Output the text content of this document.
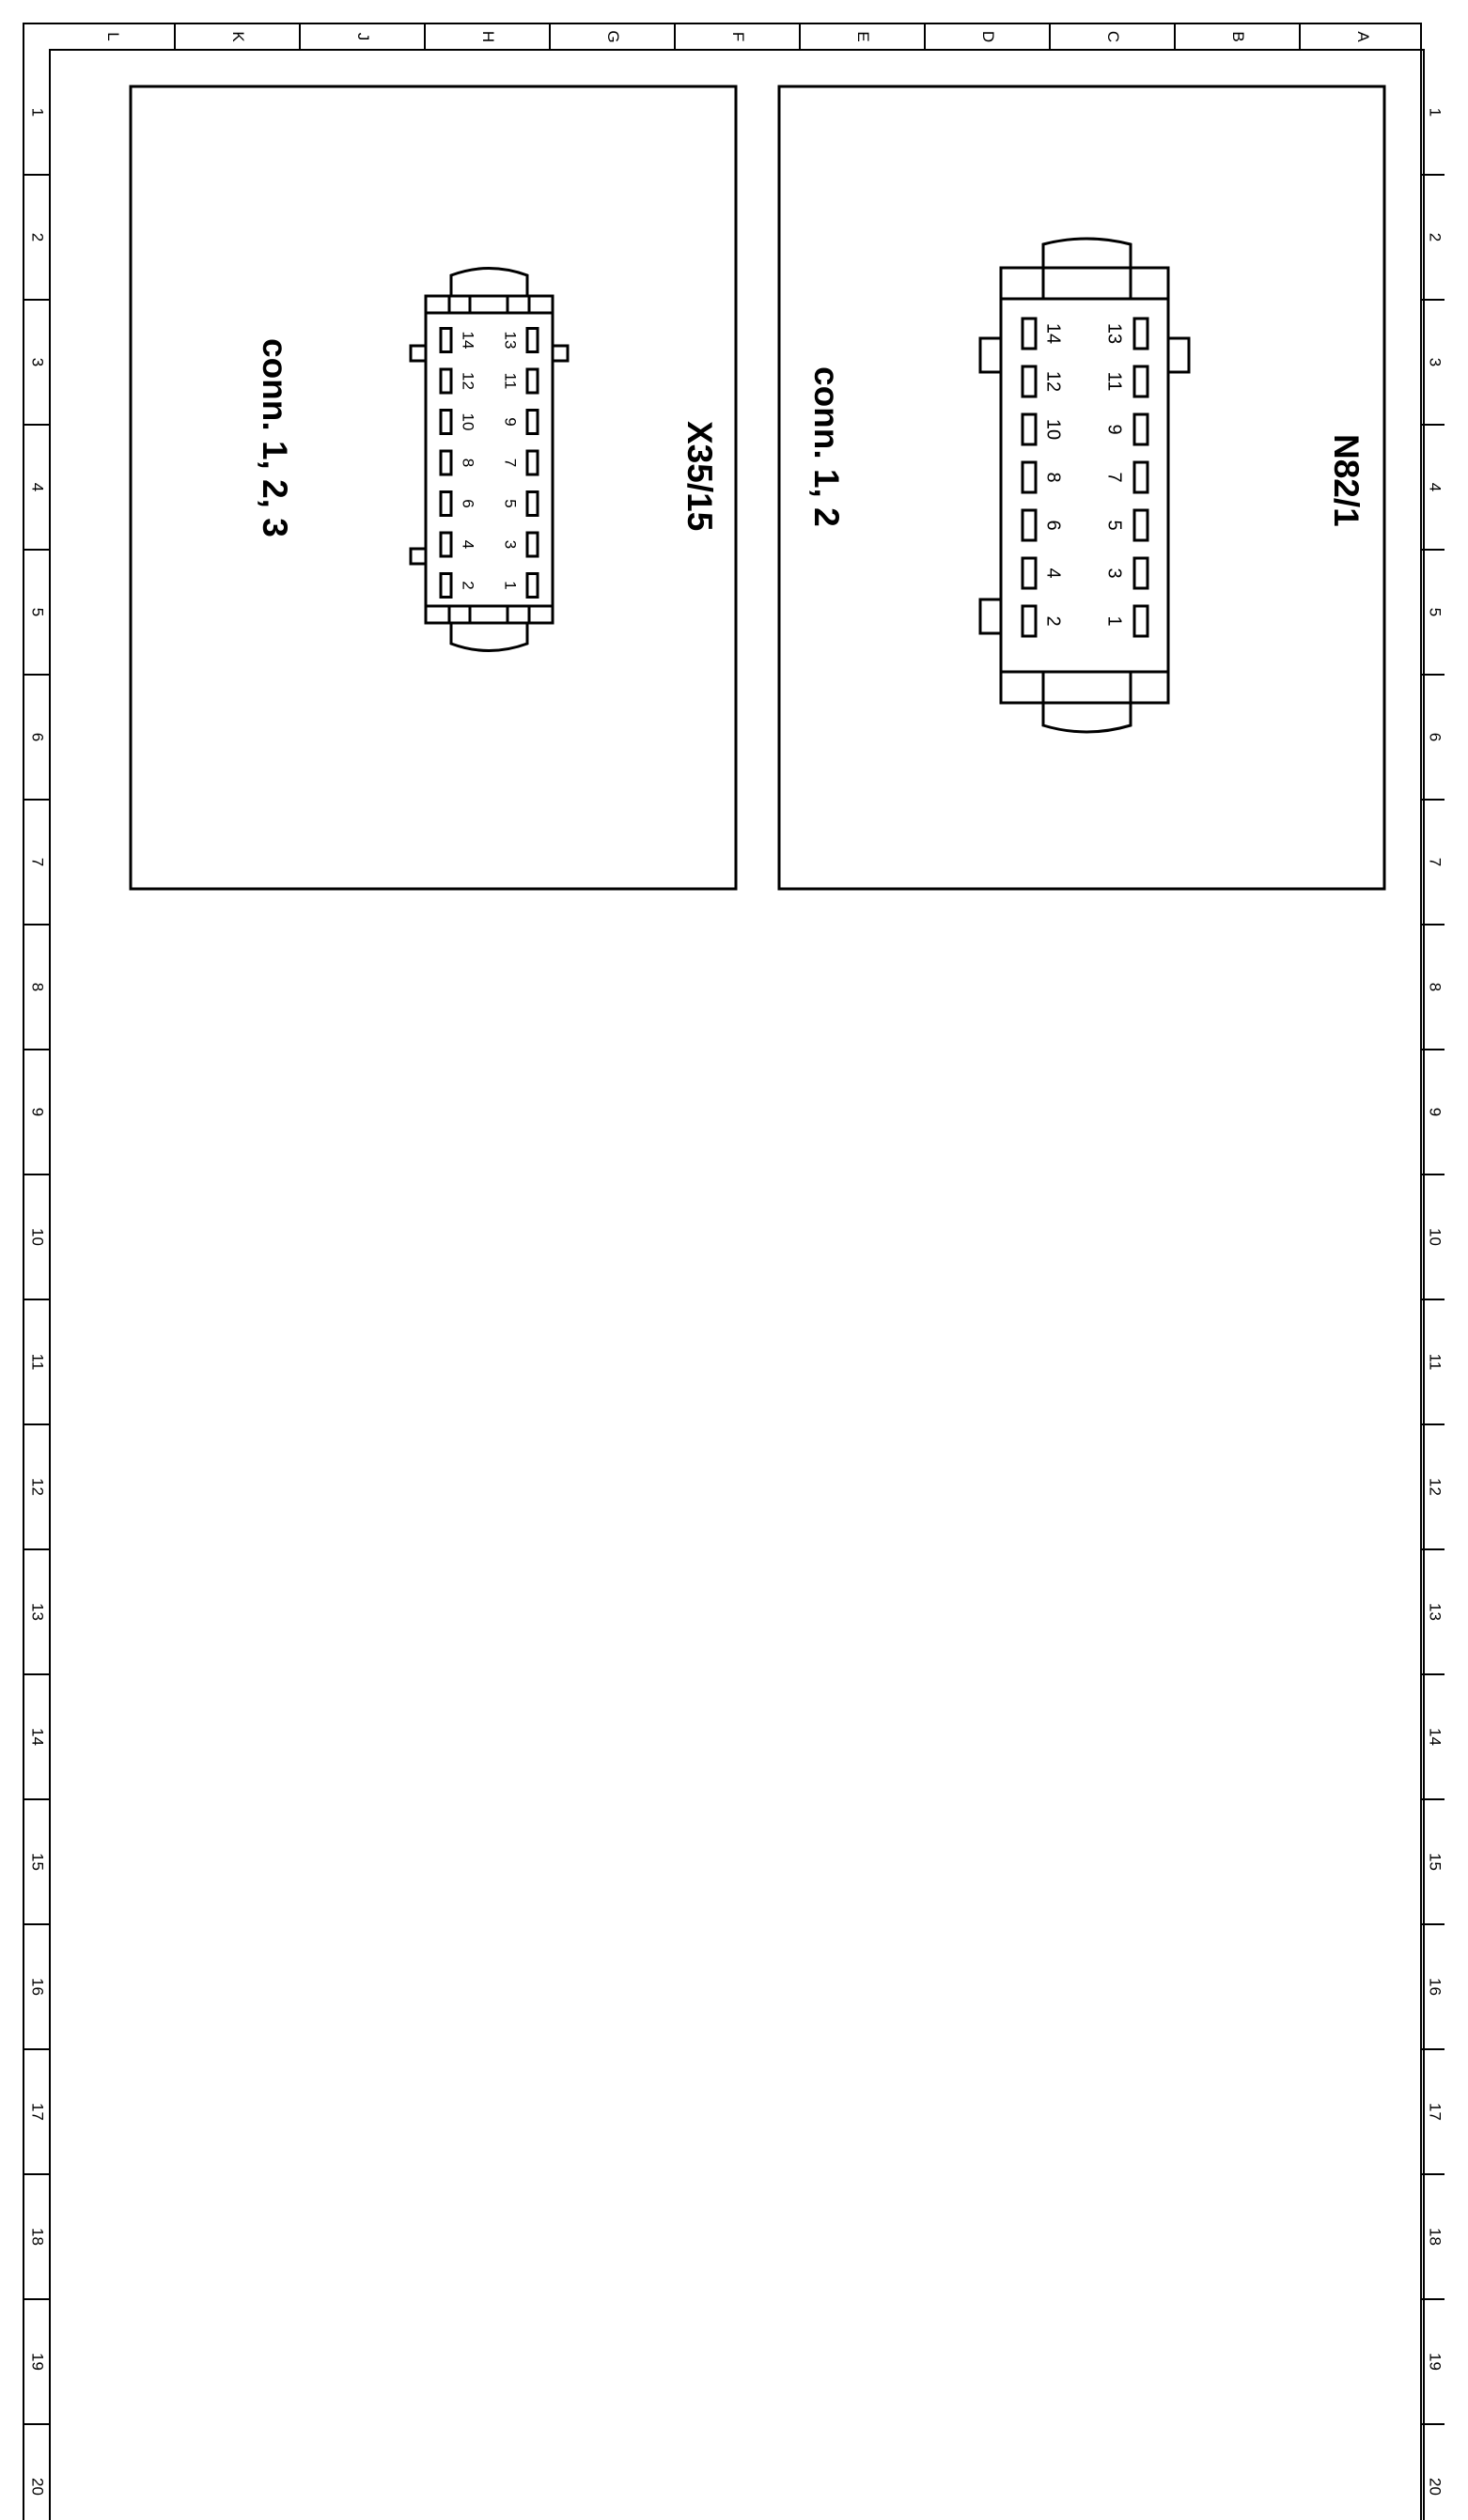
L	K	J	H	G	F	E	D	C	B	A
1	1
2	2
3	3
4	4
5	5
6	6
7	7
8	8
9	9
10	10
11	11
12	12
13	13
14	14
15	15
16	16
17	17
18	18
19	19
20	20
13
11
9
7
5
3
1
14
12
10
8
6
4
2
N82/1
conn. 1, 2
13
11
9
7
5
3
1
14
12
10
8
6
4
2
X35/15
conn. 1, 2, 3
